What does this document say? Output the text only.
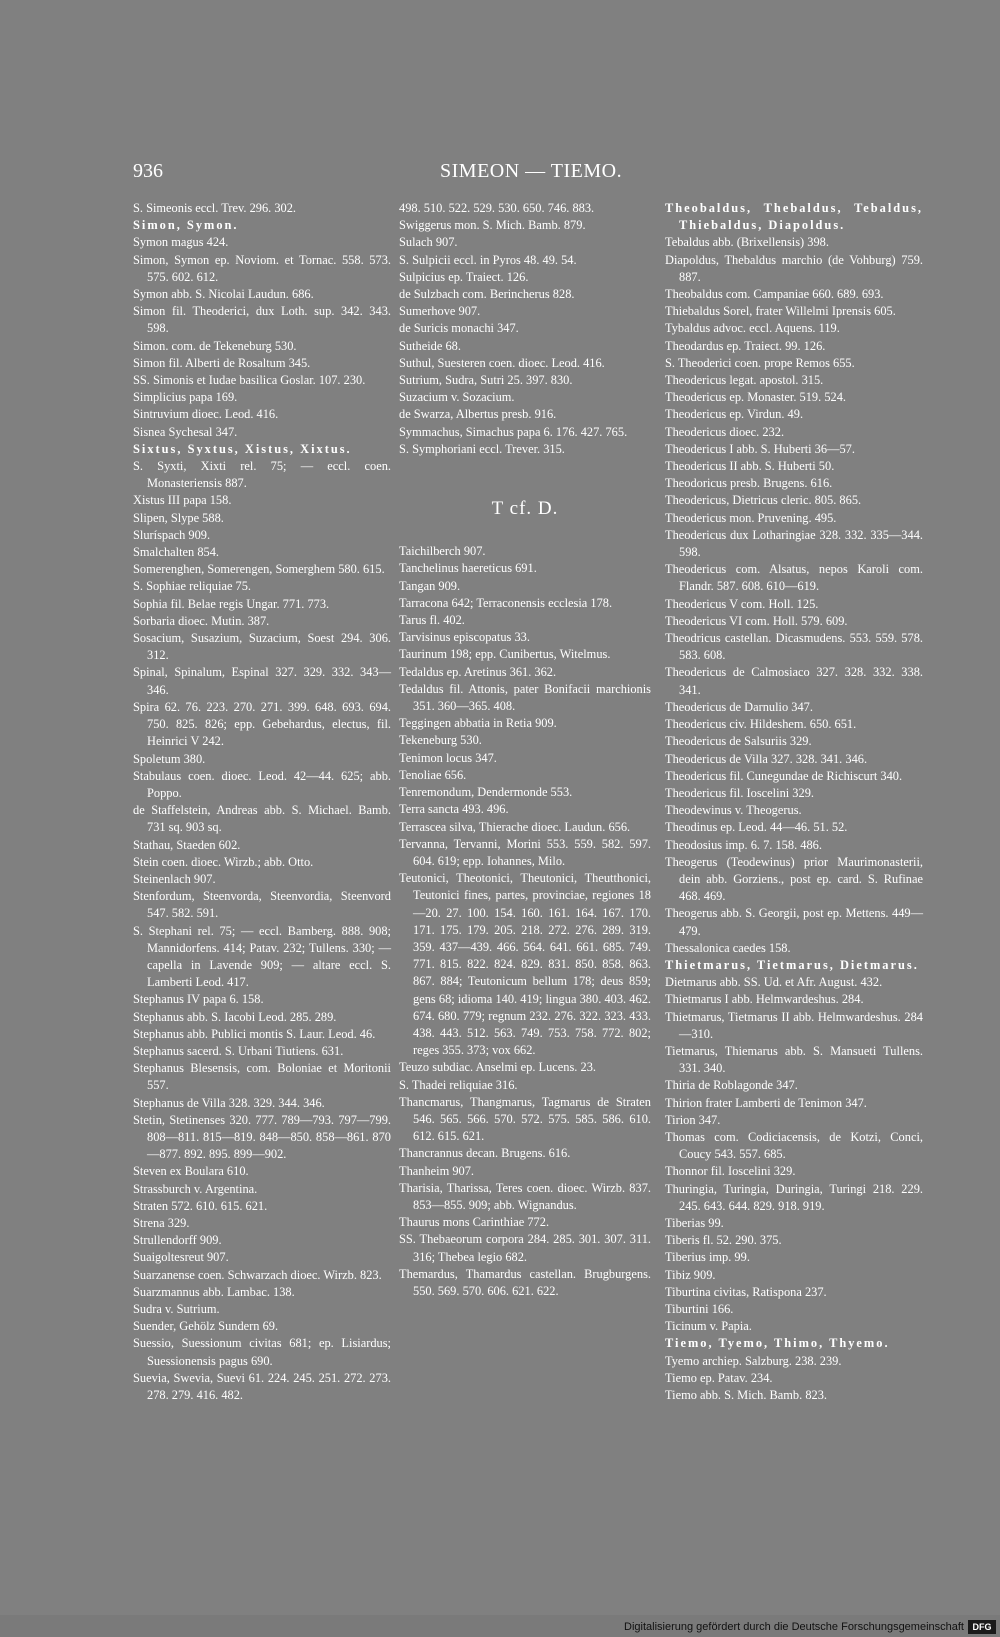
936	SIMEON — TIEMO.

S. Simeonis eccl. Trev. 296. 302.

Simon, Symon.

Symon magus 424.

Simon, Symon ep. Noviom. et Tornac. 558. 573. 575. 602. 612.

Symon abb. S. Nicolai Laudun. 686.

Simon fil. Theoderici, dux Loth. sup. 342. 343. 598.

Simon. com. de Tekeneburg 530.

Simon fil. Alberti de Rosaltum 345.

SS. Simonis et Iudae basilica Goslar. 107. 230.

Simplicius papa 169.

Sintruvium dioec. Leod. 416.

Sisnea Sychesal 347.

Sixtus, Syxtus, Xistus, Xixtus.

S. Syxti, Xixti rel. 75; — eccl. coen. Monasteriensis 887.

Xistus III papa 158.

Slipen, Slype 588.

Sluríspach 909.

Smalchalten 854.

Somerenghen, Somerengen, Somerghem 580. 615.

S. Sophiae reliquiae 75.

Sophia fil. Belae regis Ungar. 771. 773.

Sorbaria dioec. Mutin. 387.

Sosacium, Susazium, Suzacium, Soest 294. 306. 312.

Spinal, Spinalum, Espinal 327. 329. 332. 343—346.

Spira 62. 76. 223. 270. 271. 399. 648. 693. 694. 750. 825. 826; epp. Gebehardus, electus, fil. Heinrici V 242.

Spoletum 380.

Stabulaus coen. dioec. Leod. 42—44. 625; abb. Poppo.

de Staffelstein, Andreas abb. S. Michael. Bamb. 731 sq. 903 sq.

Stathau, Staeden 602.

Stein coen. dioec. Wirzb.; abb. Otto.

Steinenlach 907.

Stenfordum, Steenvorda, Steenvordia, Steenvord 547. 582. 591.

S. Stephani rel. 75; — eccl. Bamberg. 888. 908; Mannidorfens. 414; Patav. 232; Tullens. 330; — capella in Lavende 909; — altare eccl. S. Lamberti Leod. 417.

Stephanus IV papa 6. 158.

Stephanus abb. S. Iacobi Leod. 285. 289.

Stephanus abb. Publici montis S. Laur. Leod. 46.

Stephanus sacerd. S. Urbani Tiutiens. 631.

Stephanus Blesensis, com. Boloniae et Moritonii 557.

Stephanus de Villa 328. 329. 344. 346.

Stetin, Stetinenses 320. 777. 789—793. 797—799. 808—811. 815—819. 848—850. 858—861. 870—877. 892. 895. 899—902.

Steven ex Boulara 610.

Strassburch v. Argentina.

Straten 572. 610. 615. 621.

Strena 329.

Strullendorff 909.

Suaigoltesreut 907.

Suarzanense coen. Schwarzach dioec. Wirzb. 823.

Suarzmannus abb. Lambac. 138.

Sudra v. Sutrium.

Suender, Gehölz Sundern 69.

Suessio, Suessionum civitas 681; ep. Lisiardus; Suessionensis pagus 690.

Suevia, Swevia, Suevi 61. 224. 245. 251. 272. 273. 278. 279. 416. 482.

498. 510. 522. 529. 530. 650. 746. 883.

Swiggerus mon. S. Mich. Bamb. 879.

Sulach 907.

S. Sulpicii eccl. in Pyros 48. 49. 54.

Sulpicius ep. Traiect. 126.

de Sulzbach com. Berincherus 828.

Sumerhove 907.

de Suricis monachi 347.

Sutheide 68.

Suthul, Suesteren coen. dioec. Leod. 416.

Sutrium, Sudra, Sutri 25. 397. 830.

Suzacium v. Sozacium.

de Swarza, Albertus presb. 916.

Symmachus, Simachus papa 6. 176. 427. 765.

S. Symphoriani eccl. Trever. 315.

T cf. D.

Taichilberch 907.

Tanchelinus haereticus 691.

Tangan 909.

Tarracona 642; Terraconensis ecclesia 178.

Tarus fl. 402.

Tarvisinus episcopatus 33.

Taurinum 198; epp. Cunibertus, Witelmus.

Tedaldus ep. Aretinus 361. 362.

Tedaldus fil. Attonis, pater Bonifacii marchionis 351. 360—365. 408.

Teggingen abbatia in Retia 909.

Tekeneburg 530.

Tenimon locus 347.

Tenoliae 656.

Tenremondum, Dendermonde 553.

Terra sancta 493. 496.

Terrascea silva, Thierache dioec. Laudun. 656.

Tervanna, Tervanni, Morini 553. 559. 582. 597. 604. 619; epp. Iohannes, Milo.

Teutonici, Theotonici, Theutonici, Theutthonici, Teutonici fines, partes, provinciae, regiones 18—20. 27. 100. 154. 160. 161. 164. 167. 170. 171. 175. 179. 205. 218. 272. 276. 289. 319. 359. 437—439. 466. 564. 641. 661. 685. 749. 771. 815. 822. 824. 829. 831. 850. 858. 863. 867. 884; Teutonicum bellum 178; deus 859; gens 68; idioma 140. 419; lingua 380. 403. 462. 674. 680. 779; regnum 232. 276. 322. 323. 433. 438. 443. 512. 563. 749. 753. 758. 772. 802; reges 355. 373; vox 662.

Teuzo subdiac. Anselmi ep. Lucens. 23.

S. Thadei reliquiae 316.

Thancmarus, Thangmarus, Tagmarus de Straten 546. 565. 566. 570. 572. 575. 585. 586. 610. 612. 615. 621.

Thancrannus decan. Brugens. 616.

Thanheim 907.

Tharisia, Tharissa, Teres coen. dioec. Wirzb. 837. 853—855. 909; abb. Wignandus.

Thaurus mons Carinthiae 772.

SS. Thebaeorum corpora 284. 285. 301. 307. 311. 316; Thebea legio 682.

Themardus, Thamardus castellan. Brugburgens. 550. 569. 570. 606. 621. 622.

Theobaldus, Thebaldus, Tebaldus, Thiebaldus, Diapoldus.

Tebaldus abb. (Brixellensis) 398.

Diapoldus, Thebaldus marchio (de Vohburg) 759. 887.

Theobaldus com. Campaniae 660. 689. 693.

Thiebaldus Sorel, frater Willelmi Iprensis 605.

Tybaldus advoc. eccl. Aquens. 119.

Theodardus ep. Traiect. 99. 126.

S. Theoderici coen. prope Remos 655.

Theodericus legat. apostol. 315.

Theodericus ep. Monaster. 519. 524.

Theodericus ep. Virdun. 49.

Theodericus dioec. 232.

Theodericus I abb. S. Huberti 36—57.

Theodericus II abb. S. Huberti 50.

Theodoricus presb. Brugens. 616.

Theodericus, Dietricus cleric. 805. 865.

Theodericus mon. Pruvening. 495.

Theodericus dux Lotharingiae 328. 332. 335—344. 598.

Theodericus com. Alsatus, nepos Karoli com. Flandr. 587. 608. 610—619.

Theodericus V com. Holl. 125.

Theodericus VI com. Holl. 579. 609.

Theodricus castellan. Dicasmudens. 553. 559. 578. 583. 608.

Theodericus de Calmosiaco 327. 328. 332. 338. 341.

Theodericus de Darnulio 347.

Theodericus civ. Hildeshem. 650. 651.

Theodericus de Salsuriis 329.

Theodericus de Villa 327. 328. 341. 346.

Theodericus fil. Cunegundae de Richiscurt 340.

Theodericus fil. Ioscelini 329.

Theodewinus v. Theogerus.

Theodinus ep. Leod. 44—46. 51. 52.

Theodosius imp. 6. 7. 158. 486.

Theogerus (Teodewinus) prior Maurimonasterii, dein abb. Gorziens., post ep. card. S. Rufinae 468. 469.

Theogerus abb. S. Georgii, post ep. Mettens. 449—479.

Thessalonica caedes 158.

Thietmarus, Tietmarus, Dietmarus.

Dietmarus abb. SS. Ud. et Afr. August. 432.

Thietmarus I abb. Helmwardeshus. 284.

Thietmarus, Tietmarus II abb. Helmwardeshus. 284—310.

Tietmarus, Thiemarus abb. S. Mansueti Tullens. 331. 340.

Thiria de Roblagonde 347.

Thirion frater Lamberti de Tenimon 347.

Tirion 347.

Thomas com. Codiciacensis, de Kotzi, Conci, Coucy 543. 557. 685.

Thonnor fil. Ioscelini 329.

Thuringia, Turingia, Duringia, Turingi 218. 229. 245. 643. 644. 829. 918. 919.

Tiberias 99.

Tiberis fl. 52. 290. 375.

Tiberius imp. 99.

Tibiz 909.

Tiburtina civitas, Ratispona 237.

Tiburtini 166.

Ticinum v. Papia.

Tiemo, Tyemo, Thimo, Thyemo.

Tyemo archiep. Salzburg. 238. 239.

Tiemo ep. Patav. 234.

Tiemo abb. S. Mich. Bamb. 823.

Digitalisierung gefördert durch die Deutsche Forschungsgemeinschaft DFG
